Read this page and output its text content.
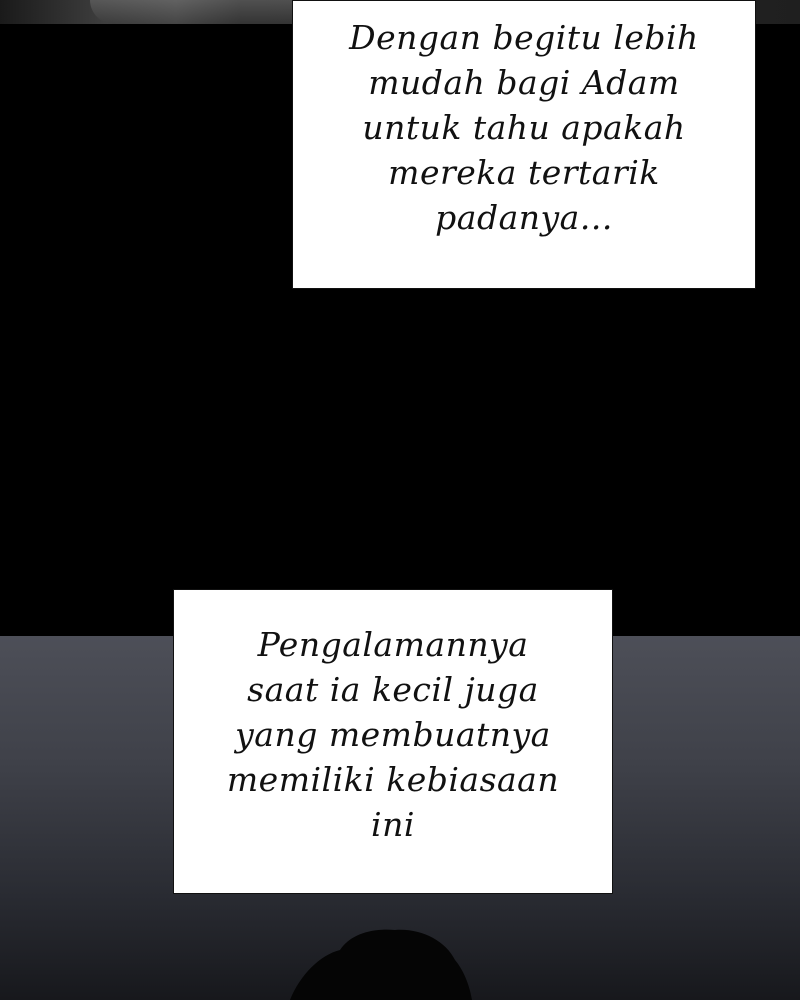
Dengan begitu lebih
mudah bagi Adam
untuk tahu apakah
mereka tertarik
padanya...
Pengalamannya
saat ia kecil juga
yang membuatnya
memiliki kebiasaan
ini
